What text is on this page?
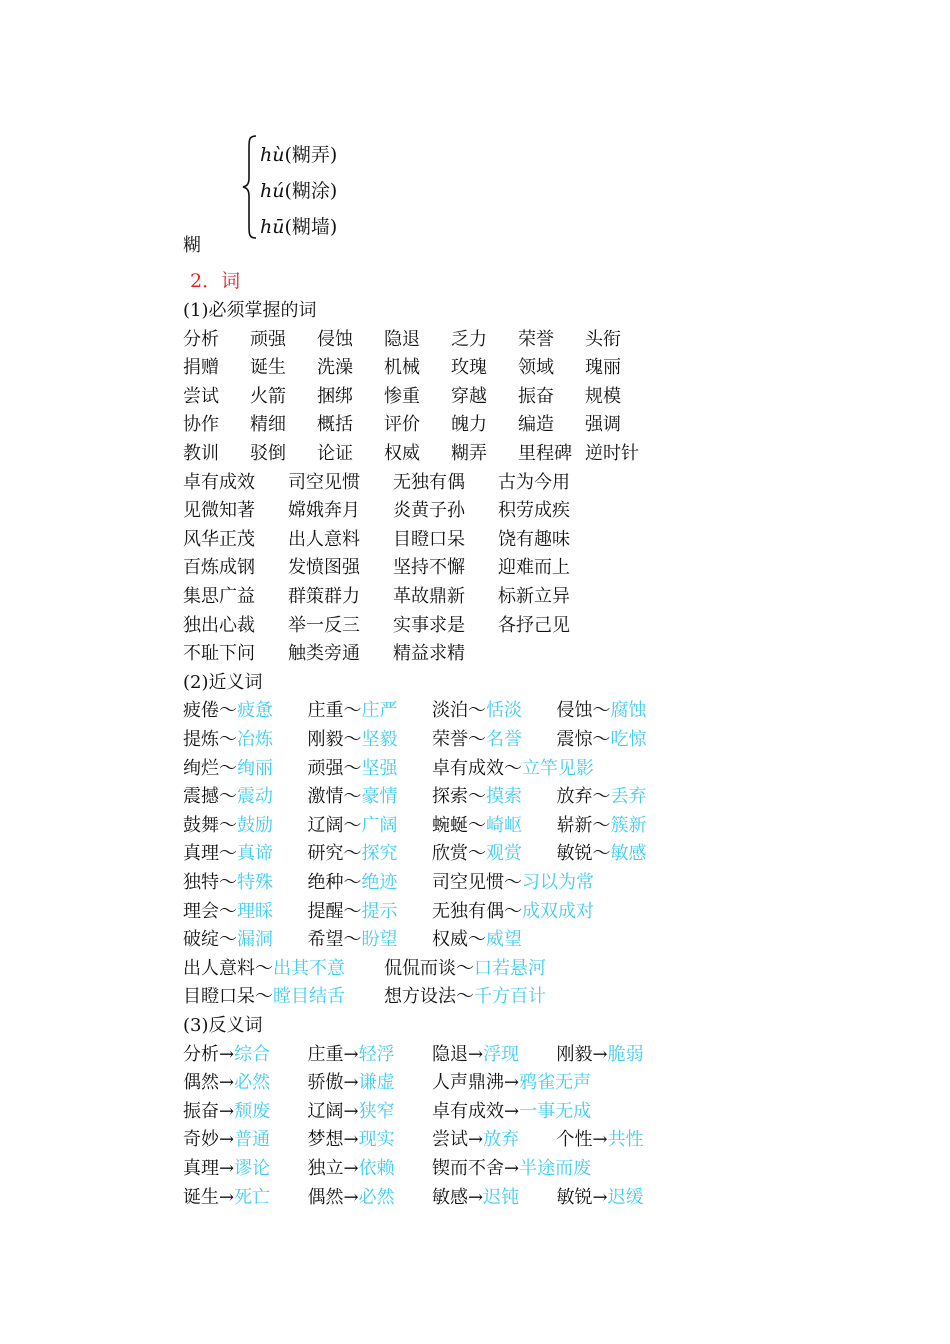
hù(糊弄)
hú(糊涂)
hū(糊墙)
糊
2．词
(1)必须掌握的词
分析 顽强 侵蚀 隐退 乏力 荣誉 头衔
捐赠 诞生 洗澡 机械 玫瑰 领域 瑰丽
尝试 火箭 捆绑 惨重 穿越 振奋 规模
协作 精细 概括 评价 魄力 编造 强调
教训 驳倒 论证 权威 糊弄 里程碑 逆时针
卓有成效 司空见惯 无独有偶 古为今用
见微知著 嫦娥奔月 炎黄子孙 积劳成疾
风华正茂 出人意料 目瞪口呆 饶有趣味
百炼成钢 发愤图强 坚持不懈 迎难而上
集思广益 群策群力 革故鼎新 标新立异
独出心裁 举一反三 实事求是 各抒己见
不耻下问 触类旁通 精益求精
(2)近义词
疲倦～疲惫 庄重～庄严 淡泊～恬淡 侵蚀～腐蚀
提炼～冶炼 刚毅～坚毅 荣誉～名誉 震惊～吃惊
绚烂～绚丽 顽强～坚强 卓有成效～立竿见影
震撼～震动 激情～豪情 探索～摸索 放弃～丢弃
鼓舞～鼓励 辽阔～广阔 蜿蜒～崎岖 崭新～簇新
真理～真谛 研究～探究 欣赏～观赏 敏锐～敏感
独特～特殊 绝种～绝迹 司空见惯～习以为常
理会～理睬 提醒～提示 无独有偶～成双成对
破绽～漏洞 希望～盼望 权威～威望
出人意料～出其不意 侃侃而谈～口若悬河
目瞪口呆～瞠目结舌 想方设法～千方百计
(3)反义词
分析→综合 庄重→轻浮 隐退→浮现 刚毅→脆弱
偶然→必然 骄傲→谦虚 人声鼎沸→鸦雀无声
振奋→颓废 辽阔→狭窄 卓有成效→一事无成
奇妙→普通 梦想→现实 尝试→放弃 个性→共性
真理→谬论 独立→依赖 锲而不舍→半途而废
诞生→死亡 偶然→必然 敏感→迟钝 敏锐→迟缓
